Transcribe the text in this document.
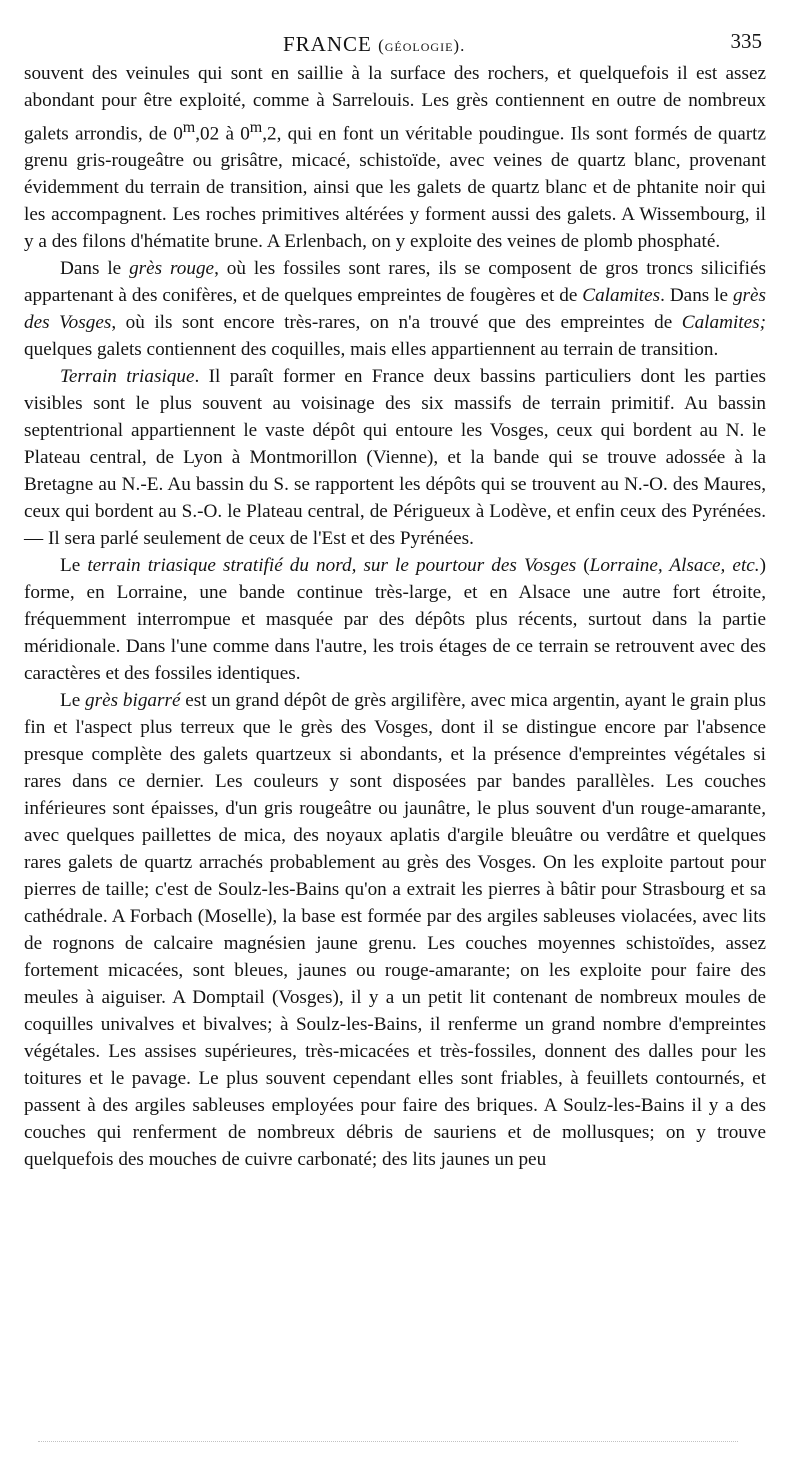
FRANCE (géologie).	335

souvent des veinules qui sont en saillie à la surface des rochers, et quelquefois il est assez abondant pour être exploité, comme à Sarrelouis. Les grès contiennent en outre de nombreux galets arrondis, de 0$^m$,02 à 0$^m$,2, qui en font un véritable poudingue. Ils sont formés de quartz grenu gris-rougeâtre ou grisâtre, micacé, schistoïde, avec veines de quartz blanc, provenant évidemment du terrain de transition, ainsi que les galets de quartz blanc et de phtanite noir qui les accompagnent. Les roches primitives altérées y forment aussi des galets. A Wissembourg, il y a des filons d'hématite brune. A Erlenbach, on y exploite des veines de plomb phosphaté.

Dans le grès rouge, où les fossiles sont rares, ils se composent de gros troncs silicifiés appartenant à des conifères, et de quelques empreintes de fougères et de Calamites. Dans le grès des Vosges, où ils sont encore très-rares, on n'a trouvé que des empreintes de Calamites; quelques galets contiennent des coquilles, mais elles appartiennent au terrain de transition.

Terrain triasique. Il paraît former en France deux bassins particuliers dont les parties visibles sont le plus souvent au voisinage des six massifs de terrain primitif. Au bassin septentrional appartiennent le vaste dépôt qui entoure les Vosges, ceux qui bordent au N. le Plateau central, de Lyon à Montmorillon (Vienne), et la bande qui se trouve adossée à la Bretagne au N.-E. Au bassin du S. se rapportent les dépôts qui se trouvent au N.-O. des Maures, ceux qui bordent au S.-O. le Plateau central, de Périgueux à Lodève, et enfin ceux des Pyrénées. — Il sera parlé seulement de ceux de l'Est et des Pyrénées.

Le terrain triasique stratifié du nord, sur le pourtour des Vosges (Lorraine, Alsace, etc.) forme, en Lorraine, une bande continue très-large, et en Alsace une autre fort étroite, fréquemment interrompue et masquée par des dépôts plus récents, surtout dans la partie méridionale. Dans l'une comme dans l'autre, les trois étages de ce terrain se retrouvent avec des caractères et des fossiles identiques.

Le grès bigarré est un grand dépôt de grès argilifère, avec mica argentin, ayant le grain plus fin et l'aspect plus terreux que le grès des Vosges, dont il se distingue encore par l'absence presque complète des galets quartzeux si abondants, et la présence d'empreintes végétales si rares dans ce dernier. Les couleurs y sont disposées par bandes parallèles. Les couches inférieures sont épaisses, d'un gris rougeâtre ou jaunâtre, le plus souvent d'un rouge-amarante, avec quelques paillettes de mica, des noyaux aplatis d'argile bleuâtre ou verdâtre et quelques rares galets de quartz arrachés probablement au grès des Vosges. On les exploite partout pour pierres de taille; c'est de Soulz-les-Bains qu'on a extrait les pierres à bâtir pour Strasbourg et sa cathédrale. A Forbach (Moselle), la base est formée par des argiles sableuses violacées, avec lits de rognons de calcaire magnésien jaune grenu. Les couches moyennes schistoïdes, assez fortement micacées, sont bleues, jaunes ou rouge-amarante; on les exploite pour faire des meules à aiguiser. A Domptail (Vosges), il y a un petit lit contenant de nombreux moules de coquilles univalves et bivalves; à Soulz-les-Bains, il renferme un grand nombre d'empreintes végétales. Les assises supérieures, très-micacées et très-fossiles, donnent des dalles pour les toitures et le pavage. Le plus souvent cependant elles sont friables, à feuillets contournés, et passent à des argiles sableuses employées pour faire des briques. A Soulz-les-Bains il y a des couches qui renferment de nombreux débris de sauriens et de mollusques; on y trouve quelquefois des mouches de cuivre carbonaté; des lits jaunes un peu
